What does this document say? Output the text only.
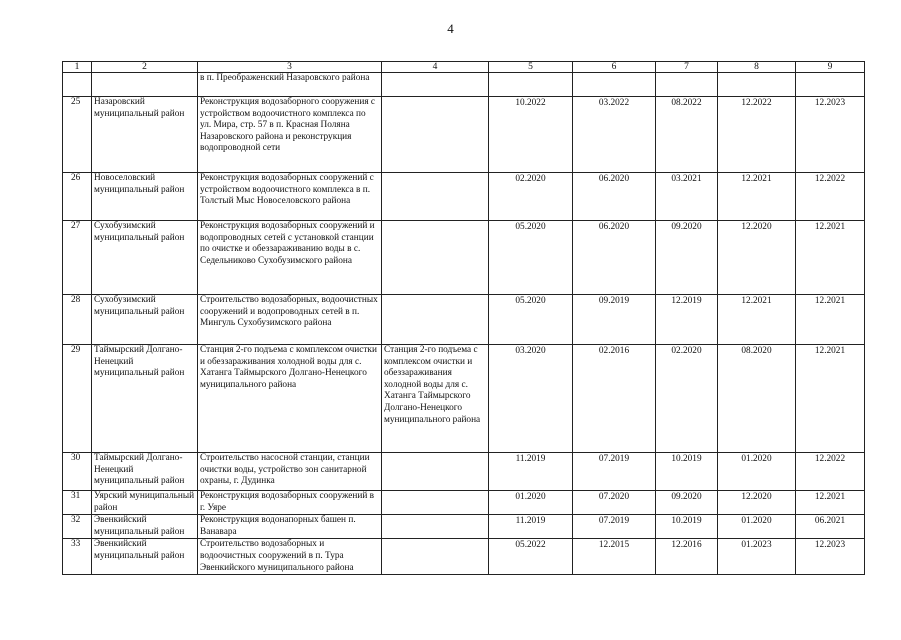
4
1	2	3	4	5	6	7	8	9
		в п. Преображенский Назаровского района						
25	Назаровский муниципальный район	Реконструкция водозаборного сооружения с устройством водоочистного комплекса по ул. Мира, стр. 57 в п. Красная Поляна Назаровского района и реконструкция водопроводной сети		10.2022	03.2022	08.2022	12.2022	12.2023
26	Новоселовский муниципальный район	Реконструкция водозаборных сооружений с устройством водоочистного комплекса в п. Толстый Мыс Новоселовского района		02.2020	06.2020	03.2021	12.2021	12.2022
27	Сухобузимский муниципальный район	Реконструкция водозаборных сооружений и водопроводных сетей с установкой станции по очистке и обеззараживанию воды в с. Седельниково Сухобузимского района		05.2020	06.2020	09.2020	12.2020	12.2021
28	Сухобузимский муниципальный район	Строительство водозаборных, водоочистных сооружений и водопроводных сетей в п. Мингуль Сухобузимского района		05.2020	09.2019	12.2019	12.2021	12.2021
29	Таймырский Долгано-Ненецкий муниципальный район	Станция 2-го подъема с комплексом очистки и обеззараживания холодной воды для с. Хатанга Таймырского Долгано-Ненецкого муниципального района	Станция 2-го подъема с комплексом очистки и обеззараживания холодной воды для с. Хатанга Таймырского Долгано-Ненецкого муниципального района	03.2020	02.2016	02.2020	08.2020	12.2021
30	Таймырский Долгано-Ненецкий муниципальный район	Строительство насосной станции, станции очистки воды, устройство зон санитарной охраны, г. Дудинка		11.2019	07.2019	10.2019	01.2020	12.2022
31	Уярский муниципальный район	Реконструкция водозаборных сооружений в г. Уяре		01.2020	07.2020	09.2020	12.2020	12.2021
32	Эвенкийский муниципальный район	Реконструкция водонапорных башен п. Ванавара		11.2019	07.2019	10.2019	01.2020	06.2021
33	Эвенкийский муниципальный район	Строительство водозаборных и водоочистных сооружений в п. Тура Эвенкийского муниципального района		05.2022	12.2015	12.2016	01.2023	12.2023
